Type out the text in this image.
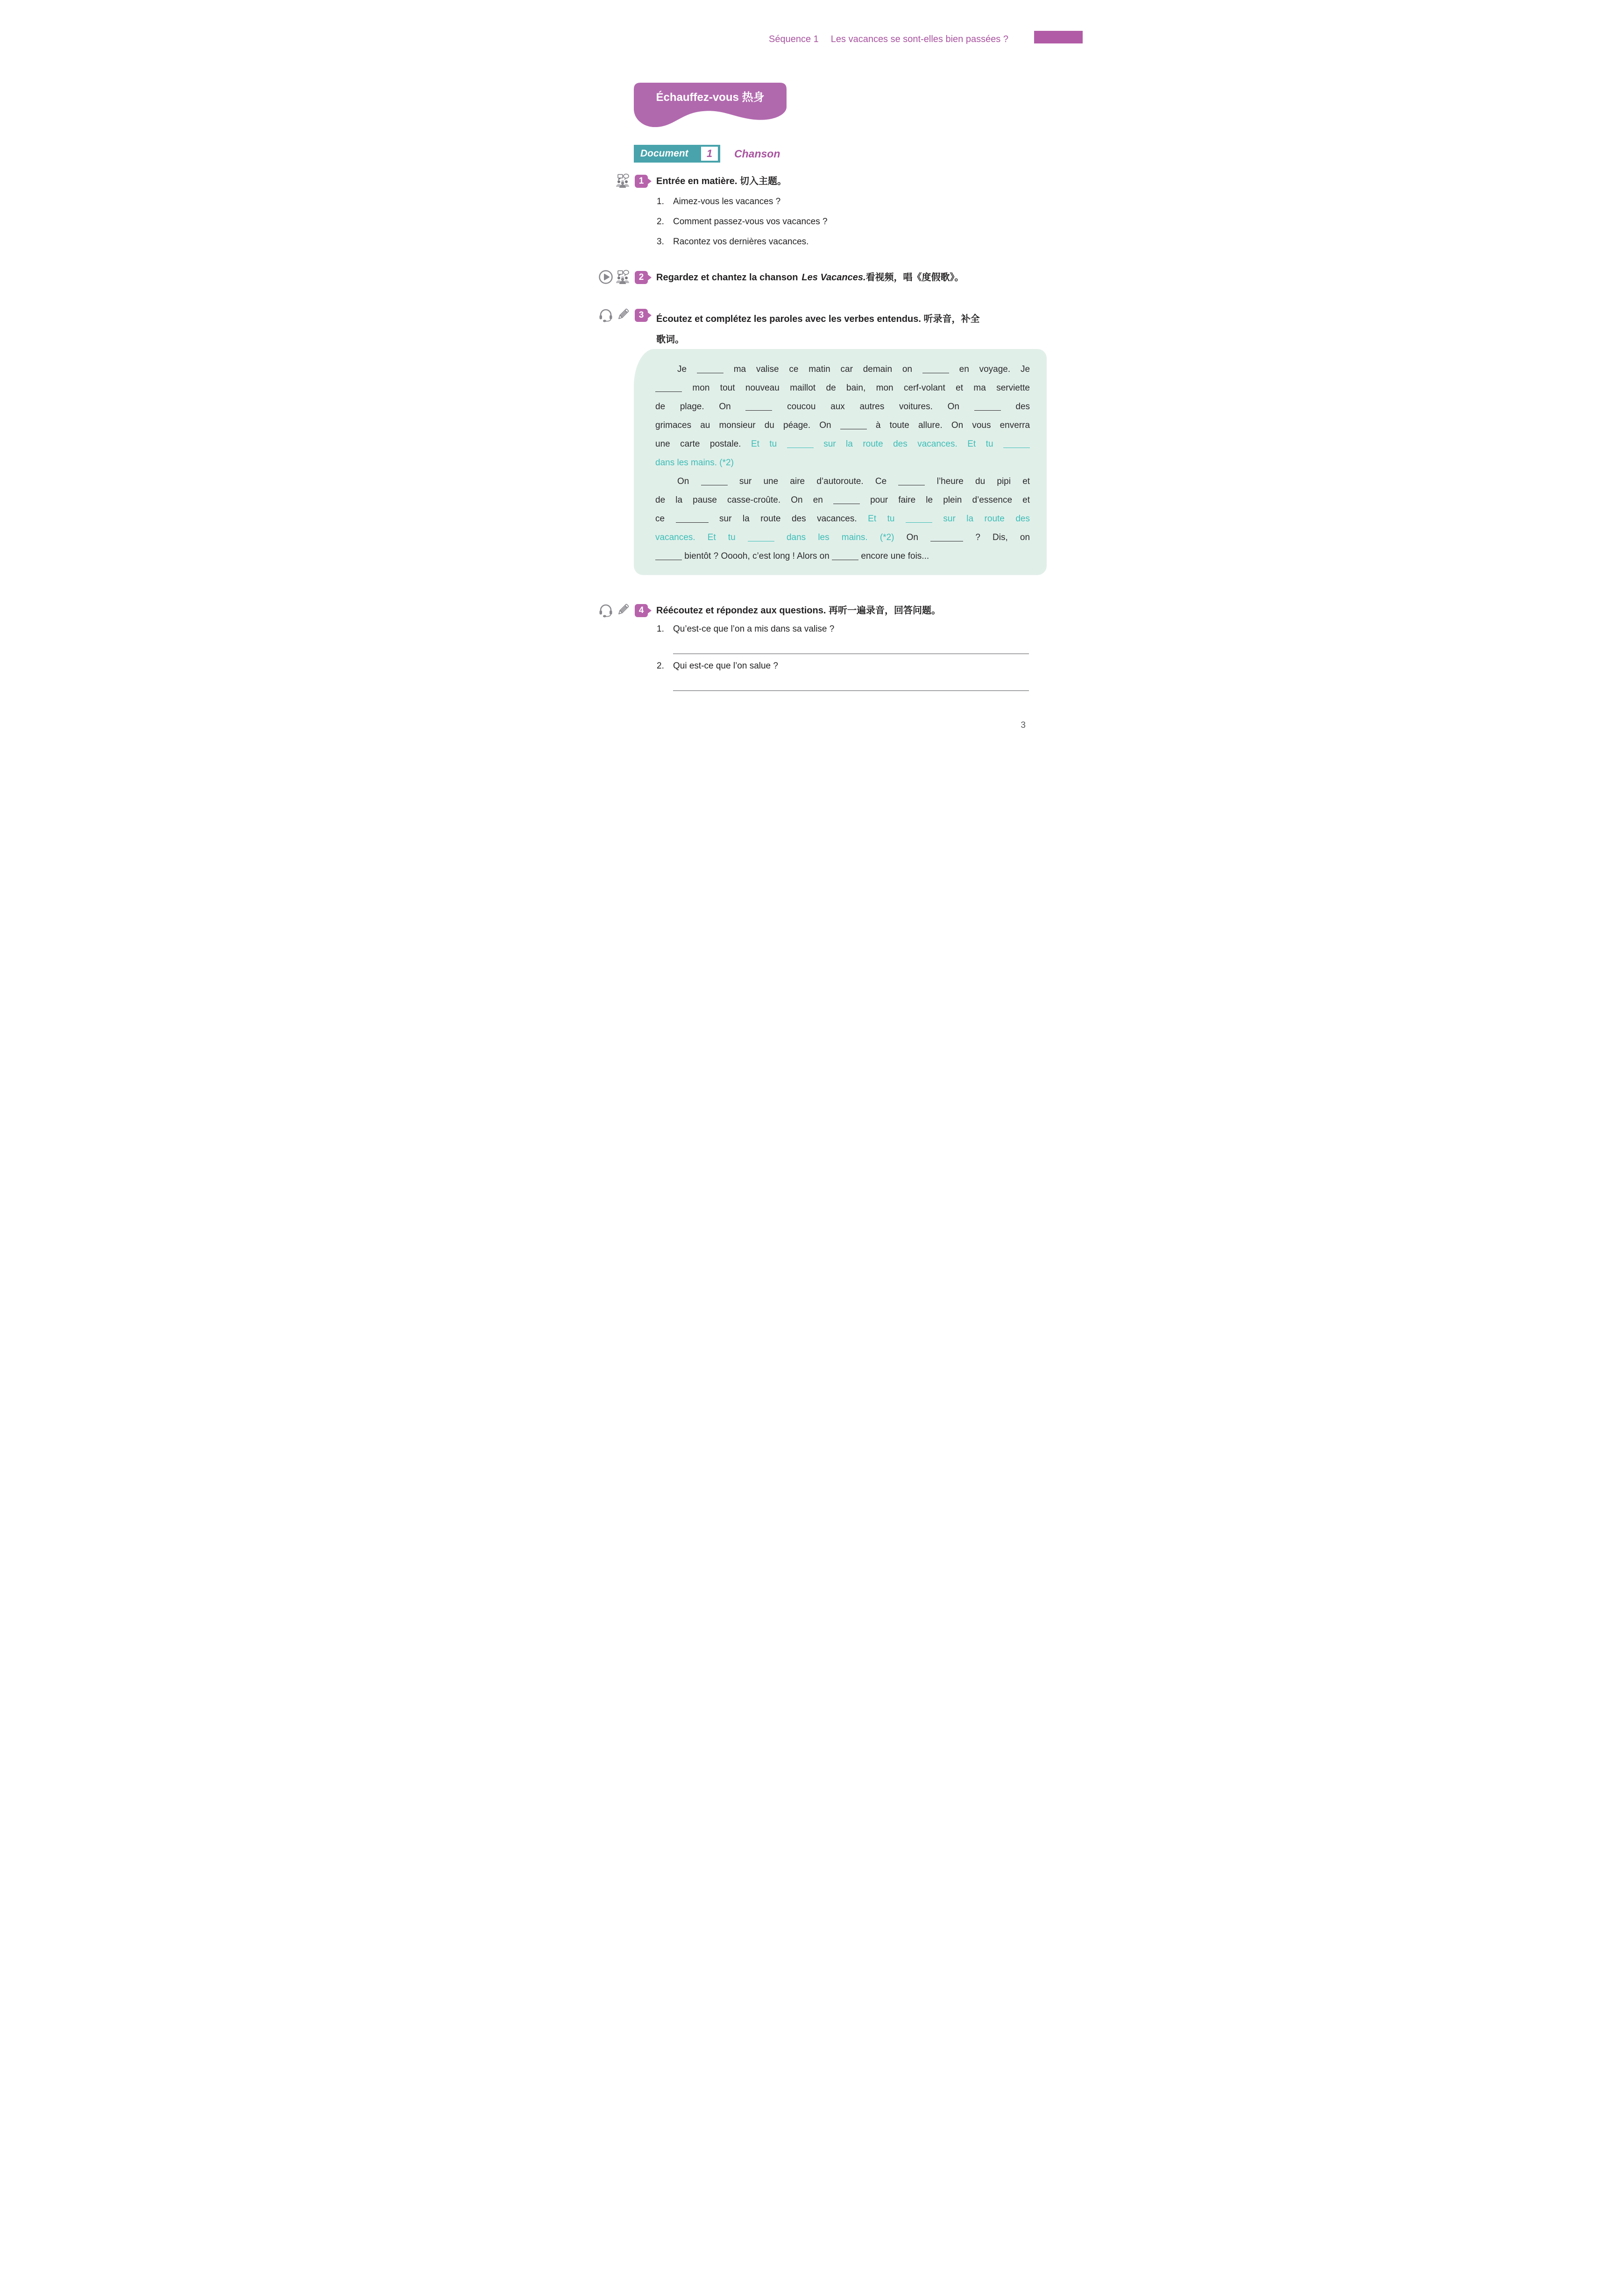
Séquence 1 Les vacances se sont-elles bien passées ?
Échauffez-vous 热身
Document	1	Chanson
1	Entrée en matière. 切入主题。
1.	Aimez-vous les vacances ?
2.	Comment passez-vous vos vacances ?
3.	Racontez vos dernières vacances.
2	Regardez et chantez la chanson Les Vacances.看视频，唱《度假歌》。
3	Écoutez et complétez les paroles avec les verbes entendus. 听录音，补全
歌词。
Je	ma valise ce matin car demain on	en voyage. Je
mon tout nouveau maillot de bain, mon cerf-volant et ma serviette
de plage. On	coucou aux autres voitures. On	des
grimaces au monsieur du péage. On	à toute allure. On vous enverra
une carte postale. Et tu	sur la route des vacances. Et tu
dans les mains. (*2)
On	sur une aire d’autoroute. Ce	l’heure du pipi et
de la pause casse-croûte. On en	pour faire le plein d’essence et
ce	sur la route des vacances. Et tu	sur la route des
vacances. Et tu	dans les mains. (*2) On	? Dis, on
bientôt ? Ooooh, c’est long ! Alors on	encore une fois...
4	Réécoutez et répondez aux questions. 再听一遍录音，回答问题。
1.	Qu’est-ce que l’on a mis dans sa valise ?
2.	Qui est-ce que l’on salue ?
3
